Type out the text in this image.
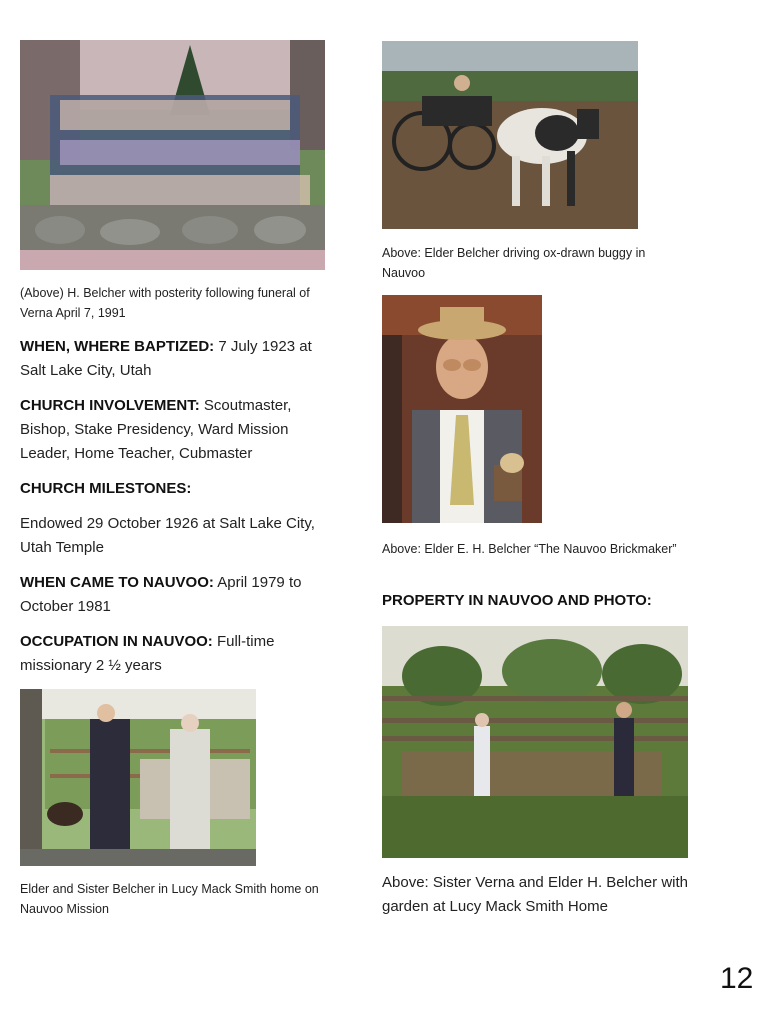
(Above) H. Belcher with posterity following funeral of Verna April 7, 1991
WHEN, WHERE BAPTIZED: 7 July 1923 at Salt Lake City, Utah
CHURCH INVOLVEMENT: Scoutmaster, Bishop, Stake Presidency, Ward Mission Leader, Home Teacher, Cubmaster
CHURCH MILESTONES:
Endowed 29 October 1926 at Salt Lake City, Utah Temple
WHEN CAME TO NAUVOO: April 1979 to October 1981
OCCUPATION IN NAUVOO: Full-time missionary 2 ½ years
Elder and Sister Belcher in Lucy Mack Smith home on Nauvoo Mission
Above: Elder Belcher driving ox-drawn buggy in Nauvoo
Above: Elder E. H. Belcher “The Nauvoo Brickmaker”
PROPERTY IN NAUVOO AND PHOTO:
Above: Sister Verna and Elder H. Belcher with garden at Lucy Mack Smith Home
12
